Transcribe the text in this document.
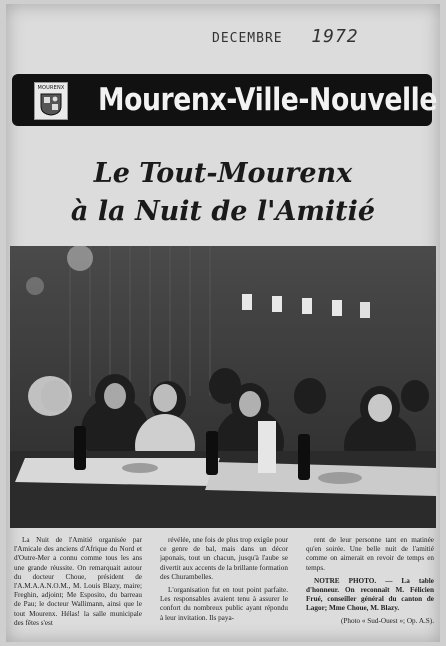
DECEMBRE 1972
MOURENX Mourenx-Ville-Nouvelle
Le Tout-Mourenx
à la Nuit de l'Amitié

La Nuit de l'Amitié organisée par l'Amicale des anciens d'Afrique du Nord et d'Outre-Mer a connu comme tous les ans une grande réussite. On remarquait autour du docteur Choue, président de l'A.M.A.A.N.O.M., M. Louis Blazy, maire; Freghin, adjoint; Me Esposito, du barreau de Pau; le docteur Wallimann, ainsi que le tout Mourenx. Hélas! la salle municipale des fêtes s'est

révélée, une fois de plus trop exigüe pour ce genre de bal, mais dans un décor japonais, tout un chacun, jusqu'à l'aube se divertit aux accents de la brillante formation des Churambelles.

L'organisation fut en tout point parfaite. Les responsables avaient tenu à assurer le confort du nombreux public ayant répondu à leur invitation. Ils paya-

rent de leur personne tant en matinée qu'en soirée. Une belle nuit de l'amitié comme on aimerait en revoir de temps en temps.

NOTRE PHOTO. — La table d'honneur. On reconnaît M. Félicien Frué, conseiller général du canton de Lagor; Mme Choue, M. Blazy.

(Photo « Sud-Ouest »; Op. A.S).
